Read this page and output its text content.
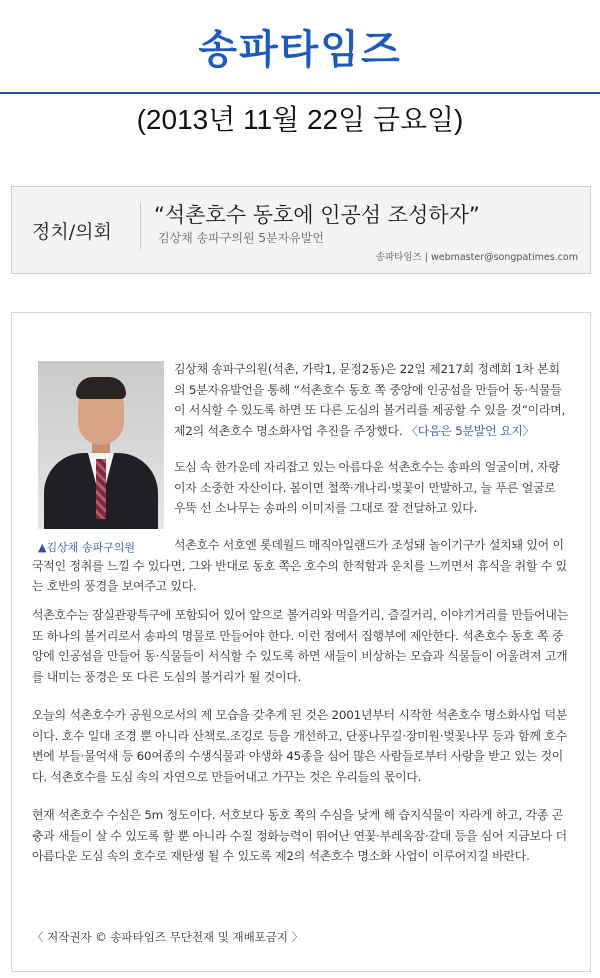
송파타임즈
(2013년 11월 22일 금요일)
정치/의회
“석촌호수 동호에 인공섬 조성하자”
김상채 송파구의원 5분자유발언
송파타임즈 | webmaster@songpatimes.com
▲김상채 송파구의원

김상채 송파구의원(석촌, 가락1, 문정2동)은 22일 제217회 정례회 1차 본회의 5분자유발언을 통해 “석촌호수 동호 쪽 중앙에 인공섬을 만들어 동·식물들이 서식할 수 있도록 하면 또 다른 도심의 볼거리를 제공할 수 있을 것”이라며, 제2의 석촌호수 명소화사업 추진을 주장했다. 〈다음은 5분발언 요지〉

도심 속 한가운데 자리잡고 있는 아름다운 석촌호수는 송파의 얼굴이며, 자랑이자 소중한 자산이다. 봄이면 철쭉·개나리·벚꽃이 만발하고, 늘 푸른 얼굴로 우뚝 선 소나무는 송파의 이미지를 그대로 잘 전달하고 있다.

석촌호수 서호엔 롯데월드 매직아일랜드가 조성돼 놀이기구가 설치돼 있어 이국적인 정취를 느낄 수 있다면, 그와 반대로 동호 쪽은 호수의 한적함과 운치를 느끼면서 휴식을 취할 수 있는 호반의 풍경을 보여주고 있다.

석촌호수는 잠실관광특구에 포함되어 있어 앞으로 볼거리와 먹을거리, 즐길거리, 이야기거리를 만들어내는 또 하나의 볼거리로서 송파의 명물로 만들어야 한다. 이런 점에서 집행부에 제안한다. 석촌호수 동호 쪽 중앙에 인공섬을 만들어 동·식물들이 서식할 수 있도록 하면 새들이 비상하는 모습과 식물들이 어울려져 고개를 내미는 풍경은 또 다른 도심의 볼거리가 될 것이다.

오늘의 석촌호수가 공원으로서의 제 모습을 갖추게 된 것은 2001년부터 시작한 석촌호수 명소화사업 덕분이다. 호수 일대 조경 뿐 아니라 산책로.조깅로 등을 개선하고, 단풍나무길·장미원·벚꽃나무 등과 함께 호수변에 부들·물억새 등 60여종의 수생식물과 야생화 45종을 심어 많은 사람들로부터 사랑을 받고 있는 것이다. 석촌호수를 도심 속의 자연으로 만들어내고 가꾸는 것은 우리들의 몫이다.

현재 석촌호수 수심은 5m 정도이다. 서호보다 동호 쪽의 수심을 낮게 해 습지식물이 자라게 하고, 각종 곤충과 새들이 살 수 있도록 할 뿐 아니라 수질 정화능력이 뛰어난 연꽃·부레옥잠·갈대 등을 심어 지금보다 더 아름다운 도심 속의 호수로 재탄생 될 수 있도록 제2의 석촌호수 명소화 사업이 이루어지길 바란다.

〈 저작권자 © 송파타임즈 무단전재 및 재배포금지 〉
